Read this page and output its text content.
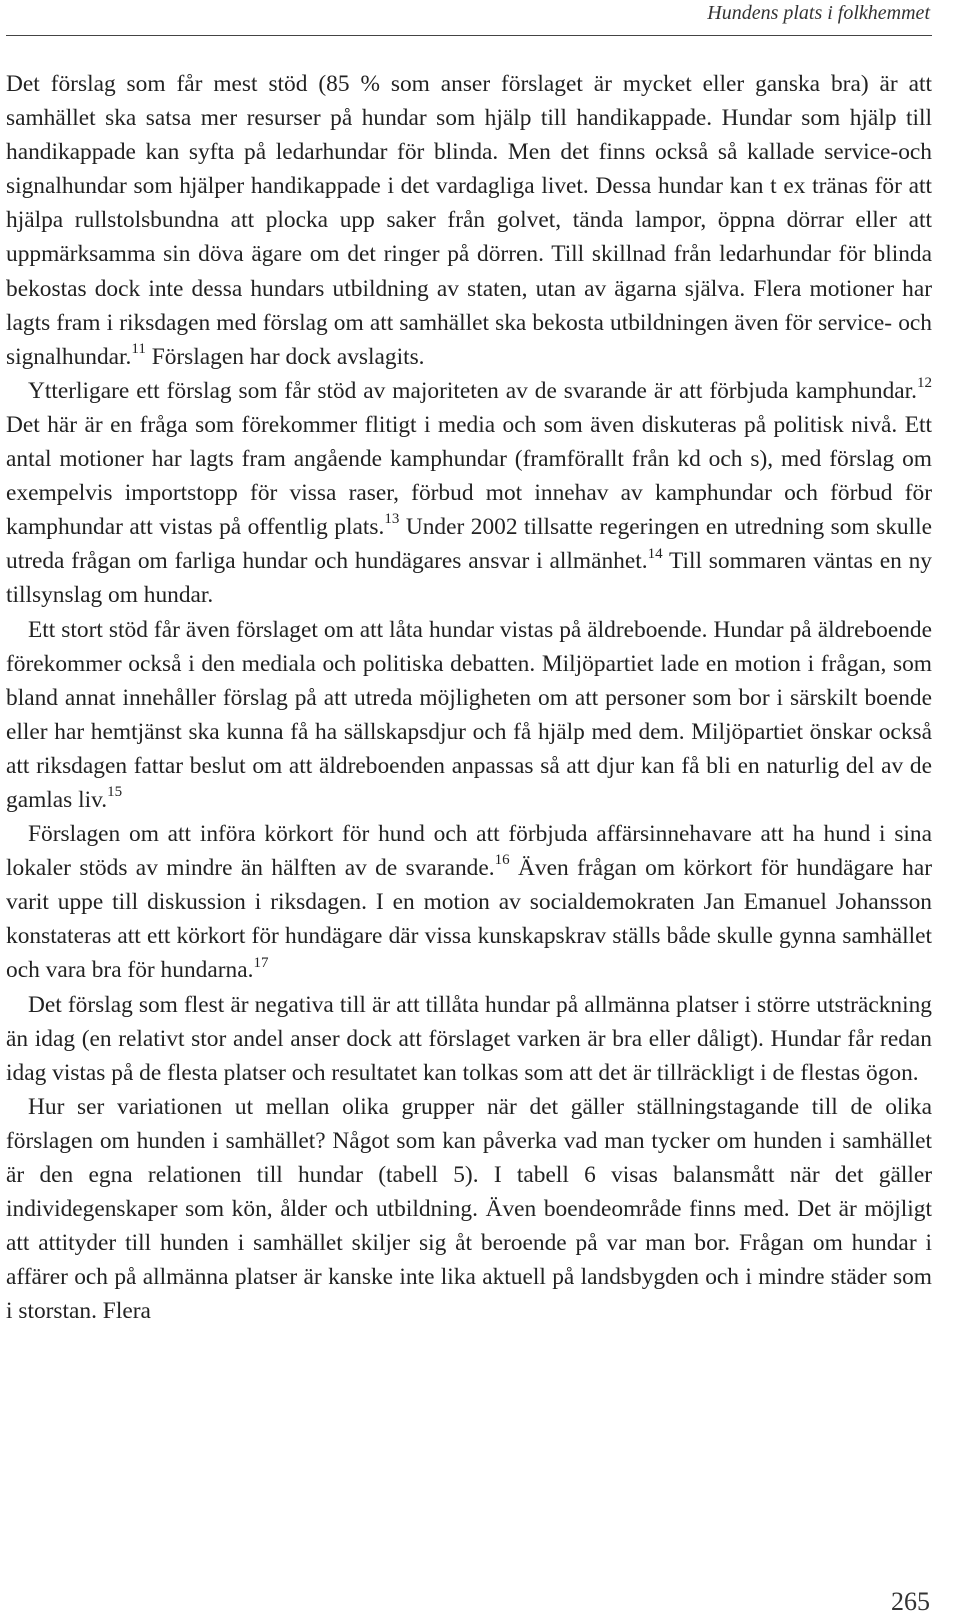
Hundens plats i folkhemmet

Det förslag som får mest stöd (85 % som anser förslaget är mycket eller ganska bra) är att samhället ska satsa mer resurser på hundar som hjälp till handikappade. Hundar som hjälp till handikappade kan syfta på ledarhundar för blinda. Men det finns också så kallade service-och signalhundar som hjälper handikappade i det vardagliga livet. Dessa hundar kan t ex tränas för att hjälpa rullstolsbundna att plocka upp saker från golvet, tända lampor, öppna dörrar eller att uppmärksamma sin döva ägare om det ringer på dörren. Till skillnad från ledarhundar för blinda bekostas dock inte dessa hundars utbildning av staten, utan av ägarna själva. Flera motioner har lagts fram i riksdagen med förslag om att samhället ska bekosta utbildningen även för service- och signalhundar.$^{11}$ Förslagen har dock avslagits.

Ytterligare ett förslag som får stöd av majoriteten av de svarande är att förbjuda kamphundar.$^{12}$ Det här är en fråga som förekommer flitigt i media och som även diskuteras på politisk nivå. Ett antal motioner har lagts fram angående kamphundar (framförallt från kd och s), med förslag om exempelvis importstopp för vissa raser, förbud mot innehav av kamphundar och förbud för kamphundar att vistas på offentlig plats.$^{13}$ Under 2002 tillsatte regeringen en utredning som skulle utreda frågan om farliga hundar och hundägares ansvar i allmänhet.$^{14}$ Till sommaren väntas en ny tillsynslag om hundar.

Ett stort stöd får även förslaget om att låta hundar vistas på äldreboende. Hundar på äldreboende förekommer också i den mediala och politiska debatten. Miljöpartiet lade en motion i frågan, som bland annat innehåller förslag på att utreda möjligheten om att personer som bor i särskilt boende eller har hemtjänst ska kunna få ha sällskapsdjur och få hjälp med dem. Miljöpartiet önskar också att riksdagen fattar beslut om att äldreboenden anpassas så att djur kan få bli en naturlig del av de gamlas liv.$^{15}$

Förslagen om att införa körkort för hund och att förbjuda affärsinnehavare att ha hund i sina lokaler stöds av mindre än hälften av de svarande.$^{16}$ Även frågan om körkort för hundägare har varit uppe till diskussion i riksdagen. I en motion av socialdemokraten Jan Emanuel Johansson konstateras att ett körkort för hundägare där vissa kunskapskrav ställs både skulle gynna samhället och vara bra för hundarna.$^{17}$

Det förslag som flest är negativa till är att tillåta hundar på allmänna platser i större utsträckning än idag (en relativt stor andel anser dock att förslaget varken är bra eller dåligt). Hundar får redan idag vistas på de flesta platser och resultatet kan tolkas som att det är tillräckligt i de flestas ögon.

Hur ser variationen ut mellan olika grupper när det gäller ställningstagande till de olika förslagen om hunden i samhället? Något som kan påverka vad man tycker om hunden i samhället är den egna relationen till hundar (tabell 5). I tabell 6 visas balansmått när det gäller individegenskaper som kön, ålder och utbildning. Även boendeområde finns med. Det är möjligt att attityder till hunden i samhället skiljer sig åt beroende på var man bor. Frågan om hundar i affärer och på allmänna platser är kanske inte lika aktuell på landsbygden och i mindre städer som i storstan. Flera

265
